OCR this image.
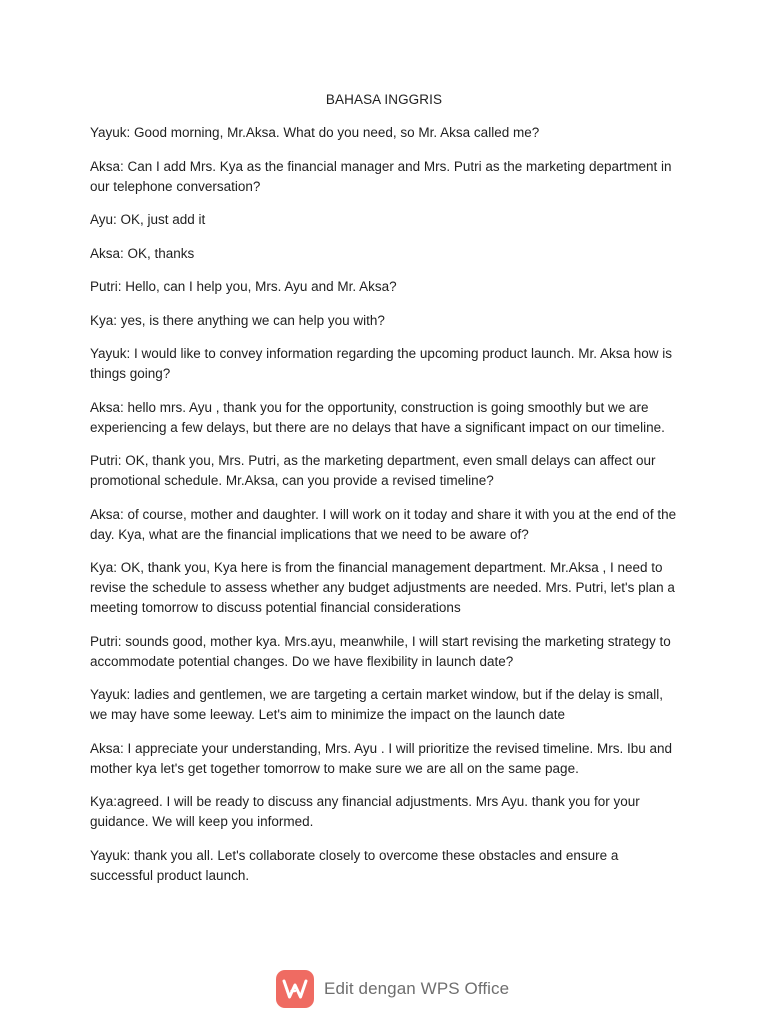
BAHASA INGGRIS

Yayuk: Good morning, Mr.Aksa. What do you need, so Mr. Aksa called me?

Aksa: Can I add Mrs. Kya as the financial manager and Mrs. Putri as the marketing department in our telephone conversation?

Ayu: OK, just add it

Aksa: OK, thanks

Putri: Hello, can I help you, Mrs. Ayu and Mr. Aksa?

Kya: yes, is there anything we can help you with?

Yayuk: I would like to convey information regarding the upcoming product launch. Mr. Aksa how is things going?

Aksa: hello mrs. Ayu , thank you for the opportunity, construction is going smoothly but we are experiencing a few delays, but there are no delays that have a significant impact on our timeline.

Putri: OK, thank you, Mrs. Putri, as the marketing department, even small delays can affect our promotional schedule. Mr.Aksa, can you provide a revised timeline?

Aksa: of course, mother and daughter. I will work on it today and share it with you at the end of the day. Kya, what are the financial implications that we need to be aware of?

Kya: OK, thank you, Kya here is from the financial management department. Mr.Aksa , I need to revise the schedule to assess whether any budget adjustments are needed. Mrs. Putri, let's plan a meeting tomorrow to discuss potential financial considerations

Putri: sounds good, mother kya. Mrs.ayu, meanwhile, I will start revising the marketing strategy to accommodate potential changes. Do we have flexibility in launch date?

Yayuk: ladies and gentlemen, we are targeting a certain market window, but if the delay is small, we may have some leeway. Let's aim to minimize the impact on the launch date

Aksa: I appreciate your understanding, Mrs. Ayu . I will prioritize the revised timeline. Mrs. Ibu and mother kya let's get together tomorrow to make sure we are all on the same page.

Kya:agreed. I will be ready to discuss any financial adjustments. Mrs Ayu. thank you for your guidance. We will keep you informed.

Yayuk: thank you all. Let's collaborate closely to overcome these obstacles and ensure a successful product launch.

Edit dengan WPS Office
